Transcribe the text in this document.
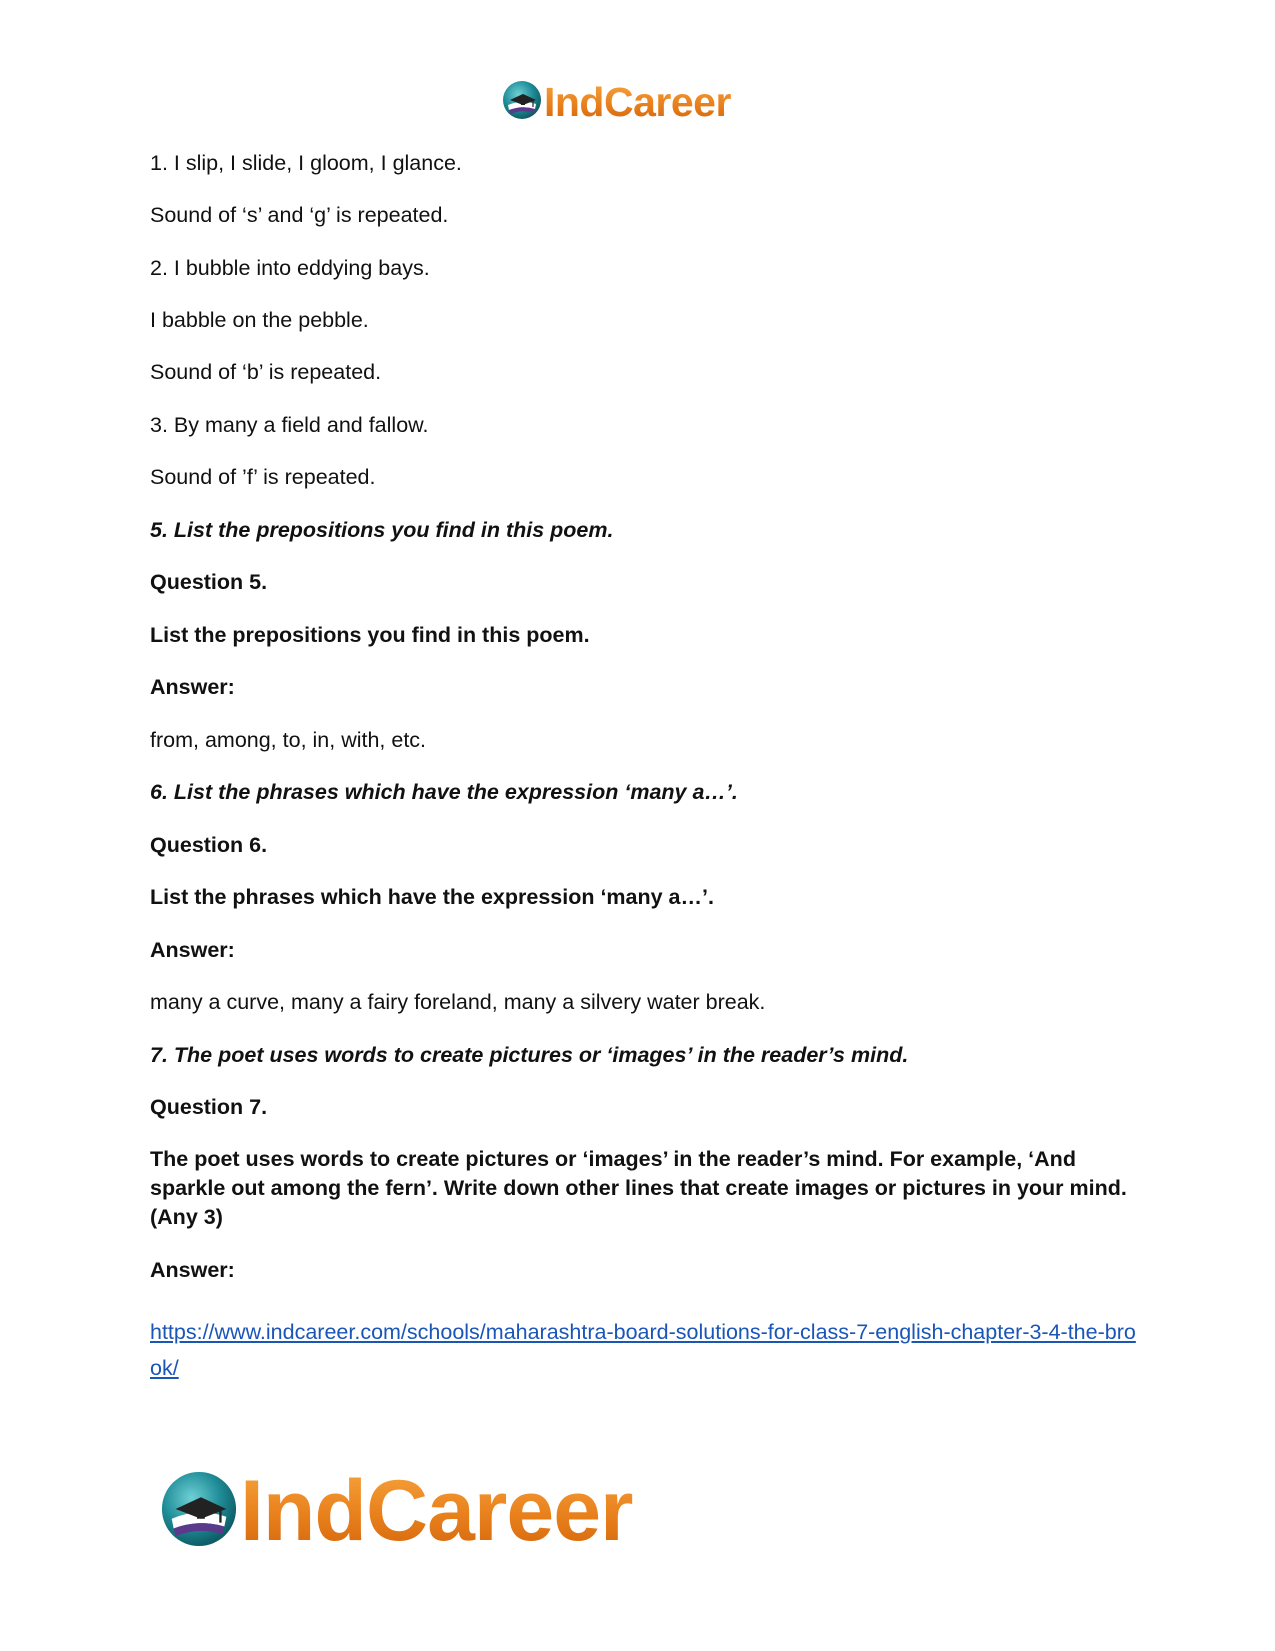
IndCareer

1. I slip, I slide, I gloom, I glance.

Sound of ‘s’ and ‘g’ is repeated.

2. I bubble into eddying bays.

I babble on the pebble.

Sound of ‘b’ is repeated.

3. By many a field and fallow.

Sound of ’f’ is repeated.

5. List the prepositions you find in this poem.

Question 5.

List the prepositions you find in this poem.

Answer:

from, among, to, in, with, etc.

6. List the phrases which have the expression ‘many a…’.

Question 6.

List the phrases which have the expression ‘many a…’.

Answer:

many a curve, many a fairy foreland, many a silvery water break.

7. The poet uses words to create pictures or ‘images’ in the reader’s mind.

Question 7.

The poet uses words to create pictures or ‘images’ in the reader’s mind. For example, ‘And sparkle out among the fern’. Write down other lines that create images or pictures in your mind. (Any 3)

Answer:

https://www.indcareer.com/schools/maharashtra-board-solutions-for-class-7-english-chapter-3-4-the-brook/
IndCareer
